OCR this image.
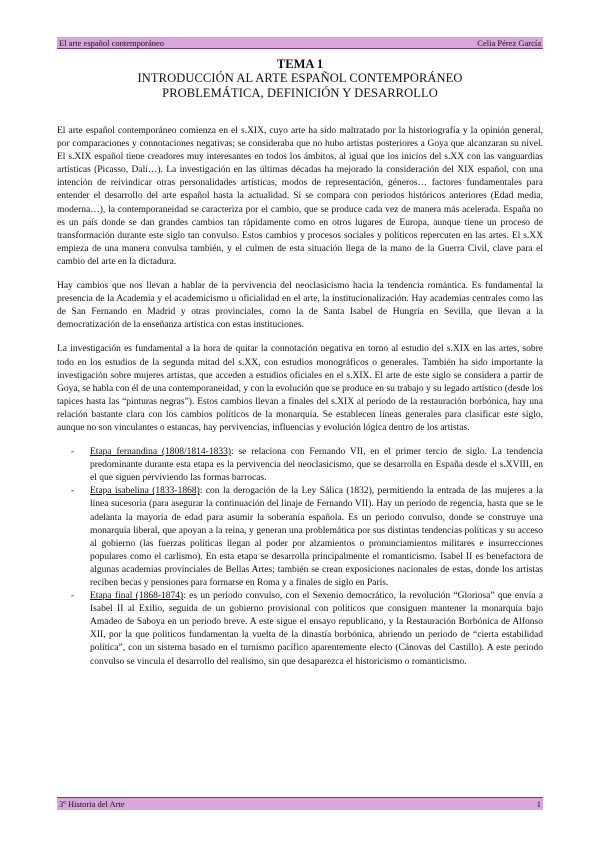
El arte español contemporáneo	Celia Pérez García
TEMA 1
INTRODUCCIÓN AL ARTE ESPAÑOL CONTEMPORÁNEO
PROBLEMÁTICA, DEFINICIÓN Y DESARROLLO

El arte español contemporáneo comienza en el s.XIX, cuyo arte ha sido maltratado por la historiografía y la opinión general, por comparaciones y connotaciones negativas; se consideraba que no hubo artistas posteriores a Goya que alcanzaran su nivel. El s.XIX español tiene creadores muy interesantes en todos los ámbitos, al igual que los inicios del s.XX con las vanguardias artísticas (Picasso, Dalí…). La investigación en las últimas décadas ha mejorado la consideración del XIX español, con una intención de reivindicar otras personalidades artísticas, modos de representación, géneros… factores fundamentales para entender el desarrollo del arte español hasta la actualidad. Si se compara con periodos históricos anteriores (Edad media, moderna…), la contemporaneidad se caracteriza por el cambio, que se produce cada vez de manera más acelerada. España no es un país donde se dan grandes cambios tan rápidamente como en otros lugares de Europa, aunque tiene un proceso de transformación durante este siglo tan convulso. Estos cambios y procesos sociales y políticos repercuten en las artes. El s.XX empieza de una manera convulsa también, y el culmen de esta situación llega de la mano de la Guerra Civil, clave para el cambio del arte en la dictadura.

Hay cambios que nos llevan a hablar de la pervivencia del neoclasicismo hacia la tendencia romántica. Es fundamental la presencia de la Academia y el academicismo u oficialidad en el arte, la institucionalización. Hay academias centrales como las de San Fernando en Madrid y otras provinciales, como la de Santa Isabel de Hungría en Sevilla, que llevan a la democratización de la enseñanza artística con estas instituciones.

La investigación es fundamental a la hora de quitar la connotación negativa en torno al estudio del s.XIX en las artes, sobre todo en los estudios de la segunda mitad del s.XX, con estudios monográficos o generales. También ha sido importante la investigación sobre mujeres artistas, que acceden a estudios oficiales en el s.XIX. El arte de este siglo se considera a partir de Goya, se habla con él de una contemporaneidad, y con la evolución que se produce en su trabajo y su legado artístico (desde los tapices hasta las “pinturas negras”). Estos cambios llevan a finales del s.XIX al período de la restauración borbónica, hay una relación bastante clara con los cambios políticos de la monarquía. Se establecen líneas generales para clasificar este siglo, aunque no son vinculantes o estancas, hay pervivencias, influencias y evolución lógica dentro de los artistas.

- Etapa fernandina (1808/1814-1833): se relaciona con Fernando VII, en el primer tercio de siglo. La tendencia predominante durante esta etapa es la pervivencia del neoclasicismo, que se desarrolla en España desde el s.XVIII, en el que siguen perviviendo las formas barrocas.
- Etapa isabelina (1833-1868): con la derogación de la Ley Sálica (1832), permitiendo la entrada de las mujeres a la línea sucesoria (para asegurar la continuación del linaje de Fernando VII). Hay un período de regencia, hasta que se le adelanta la mayoría de edad para asumir la soberanía española. Es un periodo convulso, donde se construye una monarquía liberal, que apoyan a la reina, y generan una problemática por sus distintas tendencias políticas y su acceso al gobierno (las fuerzas políticas llegan al poder por alzamientos o pronunciamientos militares e insurrecciones populares como el carlismo). En esta etapa se desarrolla principalmente el romanticismo. Isabel II es benefactora de algunas academias provinciales de Bellas Artes; también se crean exposiciones nacionales de estas, donde los artistas reciben becas y pensiones para formarse en Roma y a finales de siglo en París.
- Etapa final (1868-1874): es un periodo convulso, con el Sexenio democrático, la revolución “Gloriosa” que envía a Isabel II al Exilio, seguida de un gobierno provisional con políticos que consiguen mantener la monarquía bajo Amadeo de Saboya en un periodo breve. A este sigue el ensayo republicano, y la Restauración Borbónica de Alfonso XII, por la que políticos fundamentan la vuelta de la dinastía borbónica, abriendo un periodo de “cierta estabilidad política”, con un sistema basado en el turnismo pacífico aparentemente electo (Cánovas del Castillo). A este periodo convulso se vincula el desarrollo del realismo, sin que desaparezca el historicismo o romanticismo.
3º Historia del Arte	1
